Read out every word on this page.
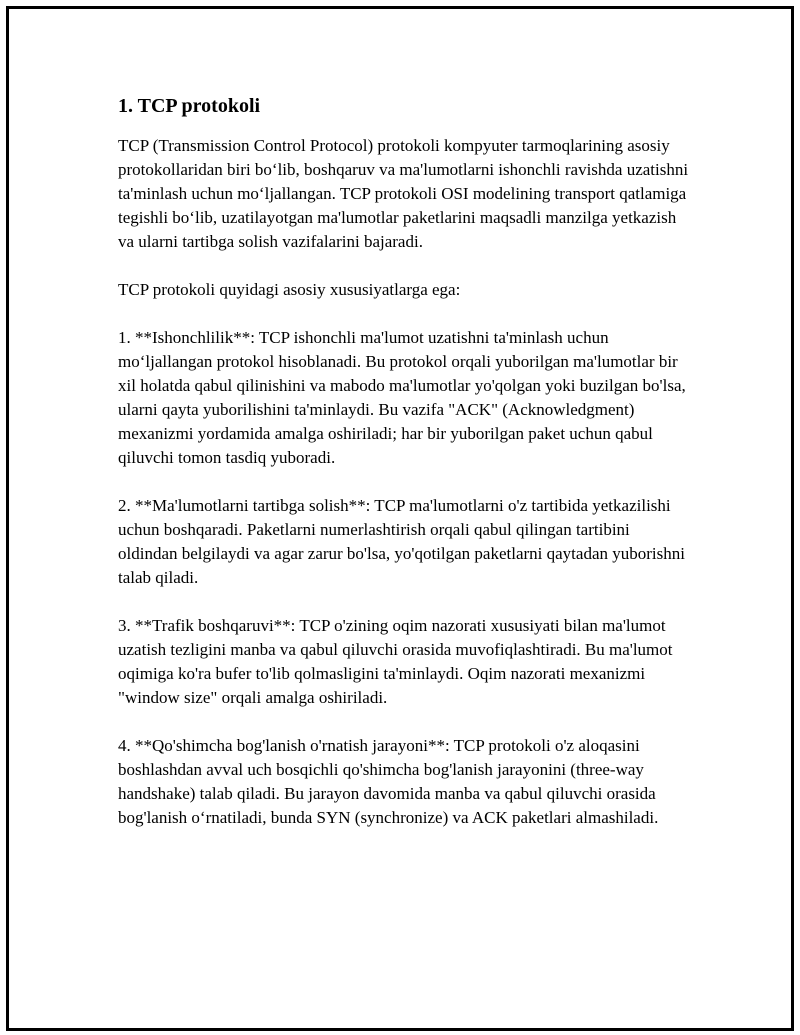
1. TCP protokoli

TCP (Transmission Control Protocol) protokoli kompyuter tarmoqlarining asosiy protokollaridan biri bo‘lib, boshqaruv va ma'lumotlarni ishonchli ravishda uzatishni ta'minlash uchun mo‘ljallangan. TCP protokoli OSI modelining transport qatlamiga tegishli bo‘lib, uzatilayotgan ma'lumotlar paketlarini maqsadli manzilga yetkazish va ularni tartibga solish vazifalarini bajaradi.

TCP protokoli quyidagi asosiy xususiyatlarga ega:

1. **Ishonchlilik**: TCP ishonchli ma'lumot uzatishni ta'minlash uchun mo‘ljallangan protokol hisoblanadi. Bu protokol orqali yuborilgan ma'lumotlar bir xil holatda qabul qilinishini va mabodo ma'lumotlar yo'qolgan yoki buzilgan bo'lsa, ularni qayta yuborilishini ta'minlaydi. Bu vazifa "ACK" (Acknowledgment) mexanizmi yordamida amalga oshiriladi; har bir yuborilgan paket uchun qabul qiluvchi tomon tasdiq yuboradi.

2. **Ma'lumotlarni tartibga solish**: TCP ma'lumotlarni o'z tartibida yetkazilishi uchun boshqaradi. Paketlarni numerlashtirish orqali qabul qilingan tartibini oldindan belgilaydi va agar zarur bo'lsa, yo'qotilgan paketlarni qaytadan yuborishni talab qiladi.

3. **Trafik boshqaruvi**: TCP o'zining oqim nazorati xususiyati bilan ma'lumot uzatish tezligini manba va qabul qiluvchi orasida muvofiqlashtiradi. Bu ma'lumot oqimiga ko'ra bufer to'lib qolmasligini ta'minlaydi. Oqim nazorati mexanizmi "window size" orqali amalga oshiriladi.

4. **Qo'shimcha bog'lanish o'rnatish jarayoni**: TCP protokoli o'z aloqasini boshlashdan avval uch bosqichli qo'shimcha bog'lanish jarayonini (three-way handshake) talab qiladi. Bu jarayon davomida manba va qabul qiluvchi orasida bog'lanish o‘rnatiladi, bunda SYN (synchronize) va ACK paketlari almashiladi.
